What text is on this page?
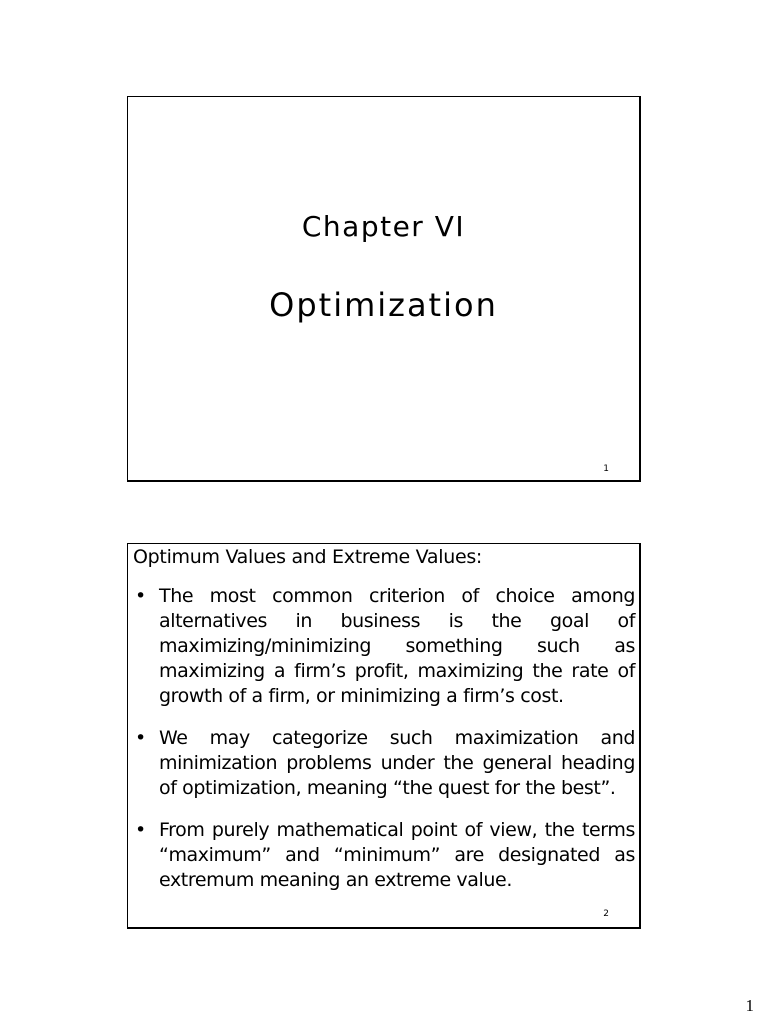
Chapter VI
Optimization
1
Optimum Values and Extreme Values:
• The most common criterion of choice among alternatives in business is the goal of maximizing/minimizing something such as maximizing a firm’s profit, maximizing the rate of growth of a firm, or minimizing a firm’s cost.
• We may categorize such maximization and minimization problems under the general heading of optimization, meaning “the quest for the best”.
• From purely mathematical point of view, the terms “maximum” and “minimum” are designated as extremum meaning an extreme value.
2
1
